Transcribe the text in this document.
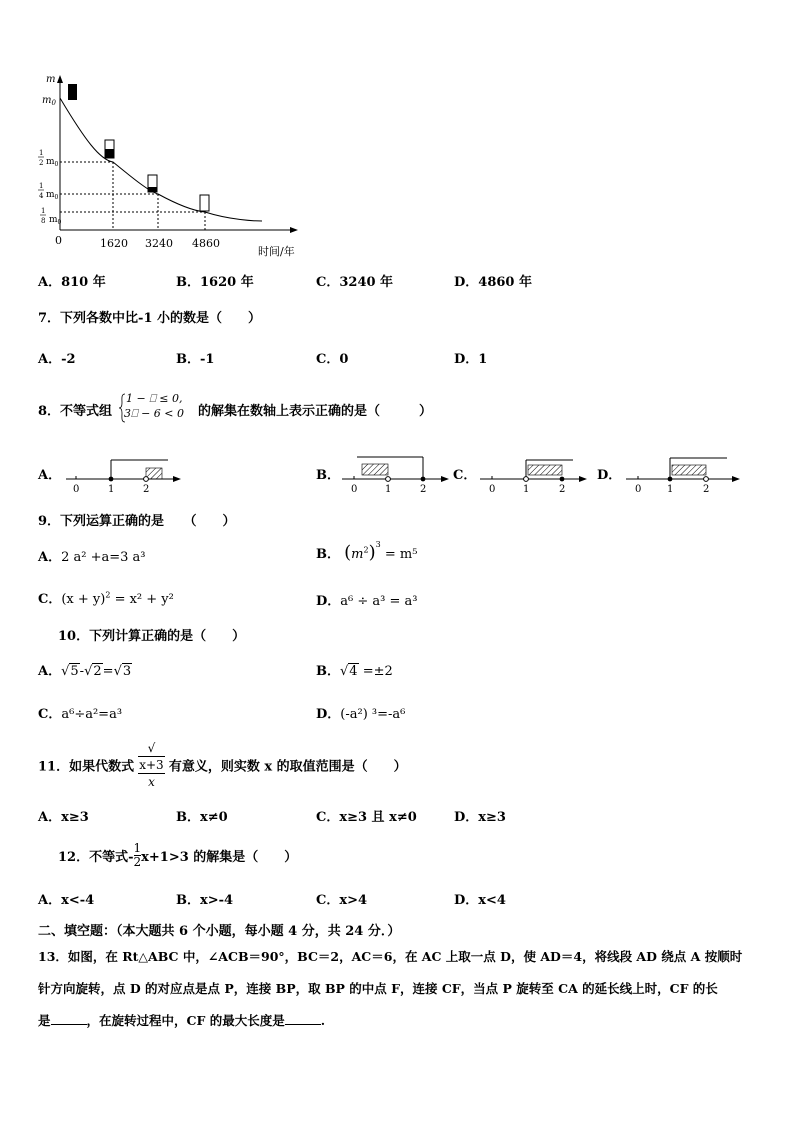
m
$m_0$
1
2 $m_0$
1
4 $m_0$
1
8 $m_0$
0	1620 3240 4860
时间/年
A．810 年	B．1620 年	C．3240 年	D．4860 年
7．下列各数中比-1 小的数是（　　）
A．-2	B．-1	C．0	D．1
8．不等式组
1 − ⎕ ≤ 0,
3⎕ − 6 < 0 的解集在数轴上表示正确的是（　　　）
A．
0	1	2
B．
0	1	2
C．
0	1	2
D．
0	1	2
9．下列运算正确的是　　（　　）
A．2 a² +a=3 a³	B． $(m^2)^3 = m^5$
C．$(x + y)^2 = x^2 + y^2$	D．a⁶ ÷ a³ = a³
10．下列计算正确的是（　　）
A．√5-√2=√3	B．√4 =±2
C．a⁶÷a²=a³	D．(-a²) ³=-a⁶
11．如果代数式 √
x+3
x 有意义，则实数 x 的取值范围是（　　）
A．x≥3	B．x≠0	C．x≥3 且 x≠0	D．x≥3
12．不等式- $\frac{1}{2} x+1>3$ 的解集是（　　）
A．x<-4	B．x>-4	C．x>4	D．x<4
二、填空题：（本大题共 6 个小题，每小题 4 分，共 24 分．）
13．如图，在 Rt△ABC 中，∠ACB＝90°，BC＝2，AC＝6，在 AC 上取一点 D，使 AD＝4，将线段 AD 绕点 A 按顺时
针方向旋转，点 D 的对应点是点 P，连接 BP，取 BP 的中点 F，连接 CF，当点 P 旋转至 CA 的延长线上时，CF 的长
是	，在旋转过程中，CF 的最大长度是	.
